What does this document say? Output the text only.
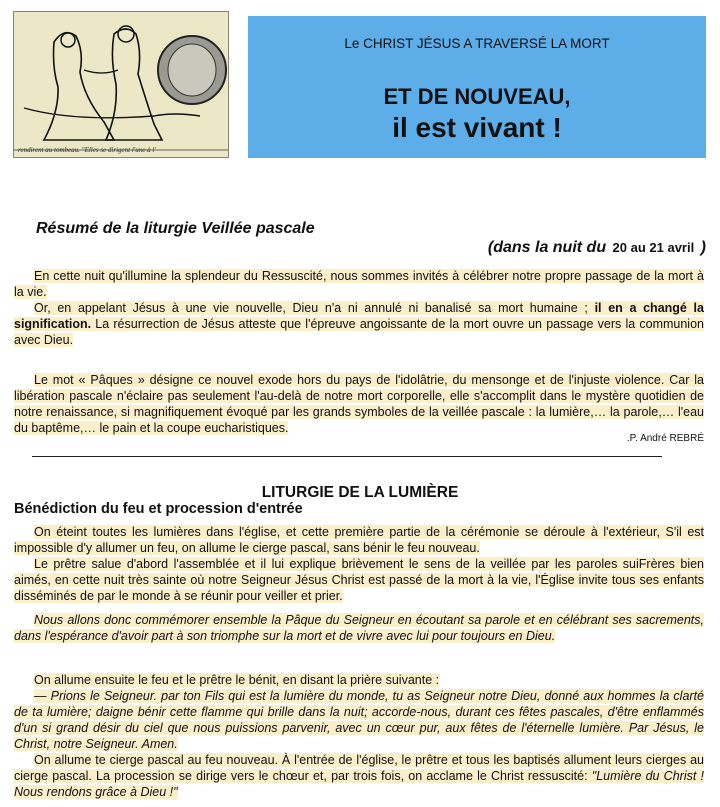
rendirent au tombeau. "Elles se dirigent l'une à l'
Le CHRIST JÉSUS A TRAVERSÉ LA MORT
ET DE NOUVEAU,
il est vivant !
Résumé de la liturgie Veillée pascale
(dans la nuit du 20 au 21 avril )
En cette nuit qu'illumine la splendeur du Ressuscité, nous sommes invités à célébrer notre propre passage de la mort à la vie.
Or, en appelant Jésus à une vie nouvelle, Dieu n'a ni annulé ni banalisé sa mort humaine ; il en a changé la signification. La résurrection de Jésus atteste que l'épreuve angoissante de la mort ouvre un passage vers la communion avec Dieu.
Le mot « Pâques » désigne ce nouvel exode hors du pays de l'idolâtrie, du mensonge et de l'injuste violence. Car la libération pascale n'éclaire pas seulement l'au-delà de notre mort corporelle, elle s'accomplit dans le mystère quotidien de notre renaissance, si magnifiquement évoqué par les grands symboles de la veillée pascale : la lumière,… la parole,… l'eau du baptême,… le pain et la coupe eucharistiques.
.P. André REBRÉ
LITURGIE DE LA LUMIÈRE
Bénédiction du feu et procession d'entrée
On éteint toutes les lumières dans l'église, et cette première partie de la cérémonie se déroule à l'extérieur, S'il est impossible d'y allumer un feu, on allume le cierge pascal, sans bénir le feu nouveau.
Le prêtre salue d'abord l'assemblée et il lui explique brièvement le sens de la veillée par les paroles suiFrères bien aimés, en cette nuit très sainte où notre Seigneur Jésus Christ est passé de la mort à la vie, l'Église invite tous ses enfants disséminés de par le monde à se réunir pour veiller et prier.
Nous allons donc commémorer ensemble la Pâque du Seigneur en écoutant sa parole et en célébrant ses sacrements, dans l'espérance d'avoir part à son triomphe sur la mort et de vivre avec lui pour toujours en Dieu.
On allume ensuite le feu et le prêtre le bénit, en disant la prière suivante :
— Prions le Seigneur. par ton Fils qui est la lumière du monde, tu as Seigneur notre Dieu, donné aux hommes la clarté de ta lumière; daigne bénir cette flamme qui brille dans la nuit; accorde-nous, durant ces fêtes pascales, d'être enflammés d'un si grand désir du ciel que nous puissions parvenir, avec un cœur pur, aux fêtes de l'éternelle lumière. Par Jésus, le Christ, notre Seigneur. Amen.
On allume te cierge pascal au feu nouveau. À l'entrée de l'église, le prêtre et tous les baptisés allument leurs cierges au cierge pascal. La procession se dirige vers le chœur et, par trois fois, on acclame le Christ ressuscité: "Lumière du Christ ! Nous rendons grâce à Dieu !"
